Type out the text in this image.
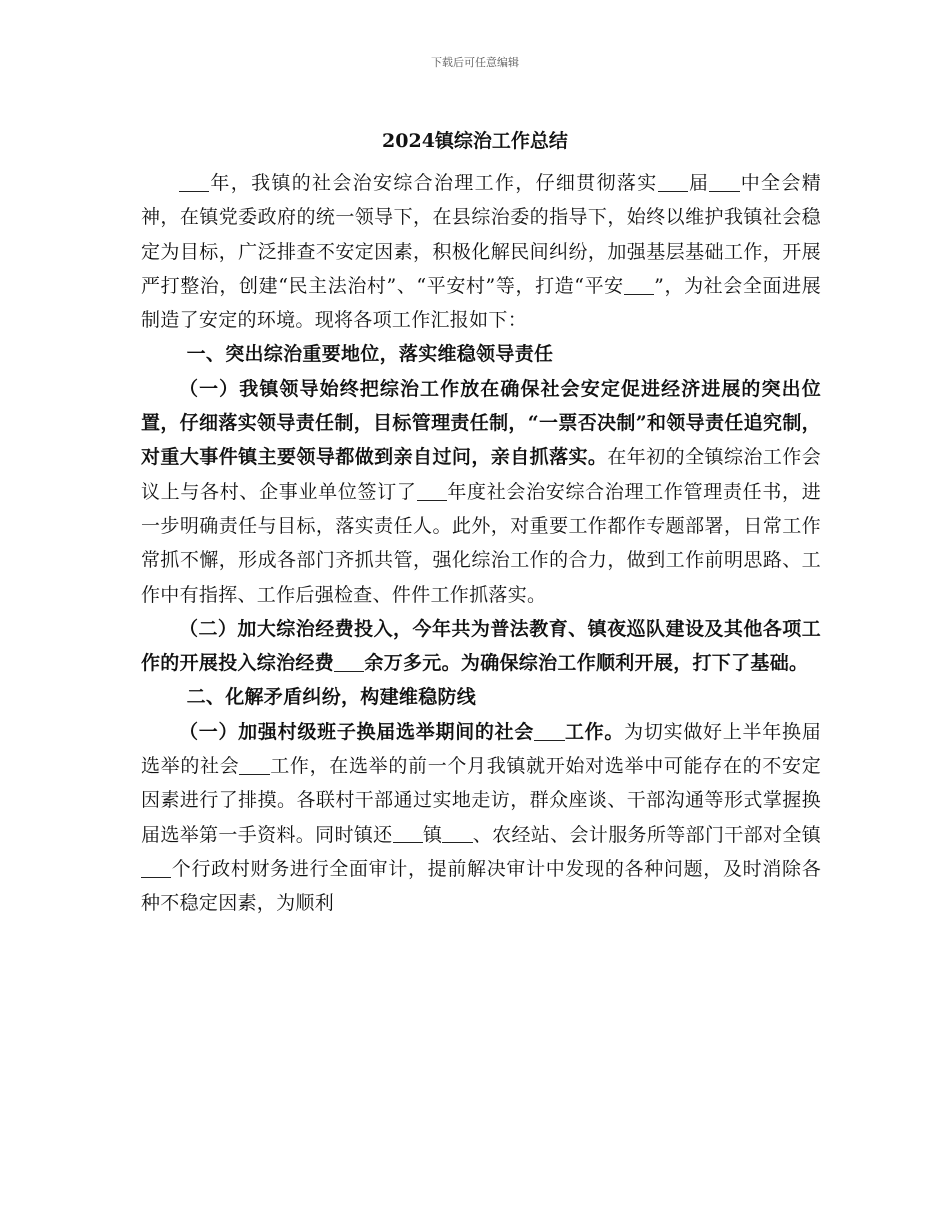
下载后可任意编辑
2024镇综治工作总结

年，我镇的社会治安综合治理工作，仔细贯彻落实 届 中全会精神，在镇党委政府的统一领导下，在县综治委的指导下，始终以维护我镇社会稳定为目标，广泛排查不安定因素，积极化解民间纠纷，加强基层基础工作，开展严打整治，创建“民主法治村”、“平安村”等，打造“平安 ”，为社会全面进展制造了安定的环境。现将各项工作汇报如下：

一、突出综治重要地位，落实维稳领导责任

（一）我镇领导始终把综治工作放在确保社会安定促进经济进展的突出位置，仔细落实领导责任制，目标管理责任制，“一票否决制”和领导责任追究制，对重大事件镇主要领导都做到亲自过问，亲自抓落实。在年初的全镇综治工作会议上与各村、企事业单位签订了 年度社会治安综合治理工作管理责任书，进一步明确责任与目标，落实责任人。此外，对重要工作都作专题部署，日常工作常抓不懈，形成各部门齐抓共管，强化综治工作的合力，做到工作前明思路、工作中有指挥、工作后强检查、件件工作抓落实。

（二）加大综治经费投入，今年共为普法教育、镇夜巡队建设及其他各项工作的开展投入综治经费 余万多元。为确保综治工作顺利开展，打下了基础。

二、化解矛盾纠纷，构建维稳防线

（一）加强村级班子换届选举期间的社会 工作。为切实做好上半年换届选举的社会 工作，在选举的前一个月我镇就开始对选举中可能存在的不安定因素进行了排摸。各联村干部通过实地走访，群众座谈、干部沟通等形式掌握换届选举第一手资料。同时镇还 镇 、农经站、会计服务所等部门干部对全镇个行政村财务进行全面审计，提前解决审计中发现的各种问题，及时消除各种不稳定因素，为顺利
